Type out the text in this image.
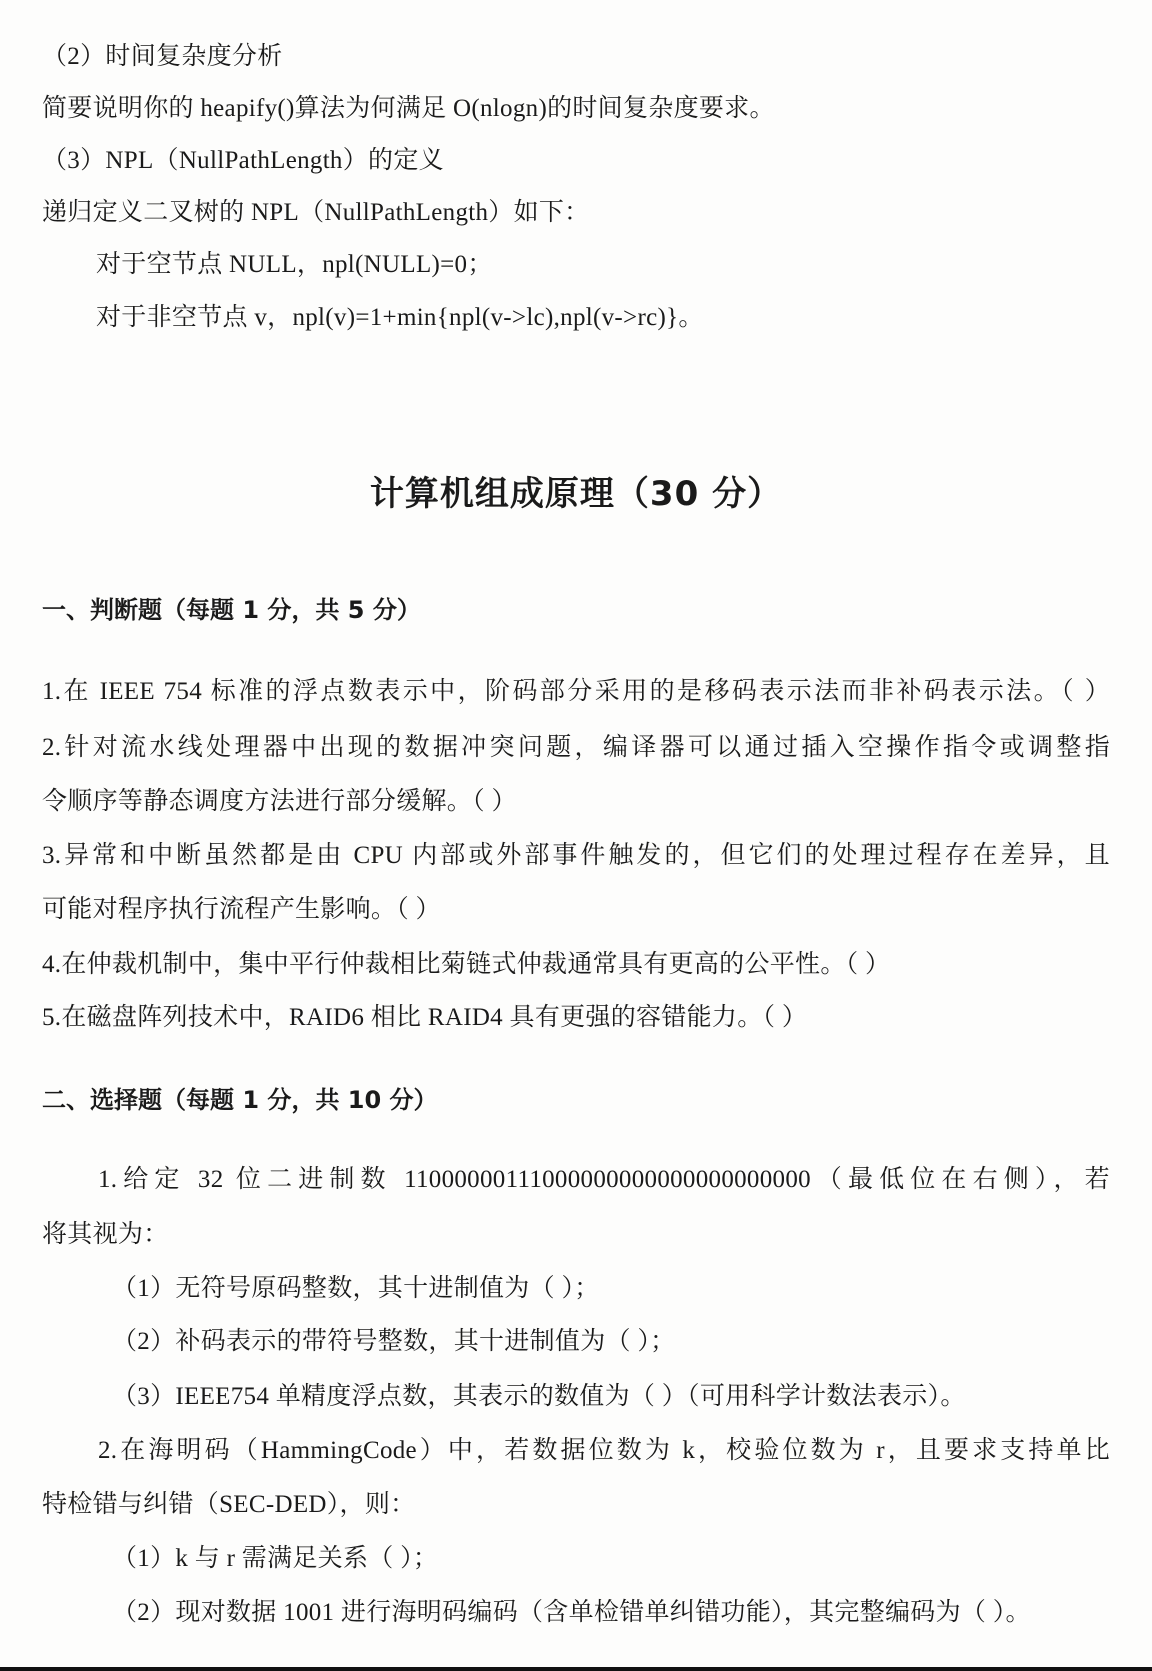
（2）时间复杂度分析
简要说明你的 heapify()算法为何满足 O(nlogn)的时间复杂度要求。
（3）NPL（NullPathLength）的定义
递归定义二叉树的 NPL（NullPathLength）如下：
对于空节点 NULL，npl(NULL)=0；
对于非空节点 v，npl(v)=1+min{npl(v->lc),npl(v->rc)}。
计算机组成原理（30 分）
一、判断题（每题 1 分，共 5 分）
1.在 IEEE 754 标准的浮点数表示中，阶码部分采用的是移码表示法而非补码表示法。（ ）
2.针对流水线处理器中出现的数据冲突问题，编译器可以通过插入空操作指令或调整指
令顺序等静态调度方法进行部分缓解。（ ）
3.异常和中断虽然都是由 CPU 内部或外部事件触发的，但它们的处理过程存在差异，且
可能对程序执行流程产生影响。（ ）
4.在仲裁机制中，集中平行仲裁相比菊链式仲裁通常具有更高的公平性。（ ）
5.在磁盘阵列技术中，RAID6 相比 RAID4 具有更强的容错能力。（ ）
二、选择题（每题 1 分，共 10 分）
1.给定 32 位二进制数 11000000111000000000000000000000（最低位在右侧），若
将其视为：
（1）无符号原码整数，其十进制值为（ ）；
（2）补码表示的带符号整数，其十进制值为（ ）；
（3）IEEE754 单精度浮点数，其表示的数值为（ ）（可用科学计数法表示）。
2.在海明码（HammingCode）中，若数据位数为 k，校验位数为 r，且要求支持单比
特检错与纠错（SEC-DED），则：
（1）k 与 r 需满足关系（ ）；
（2）现对数据 1001 进行海明码编码（含单检错单纠错功能），其完整编码为（ ）。
